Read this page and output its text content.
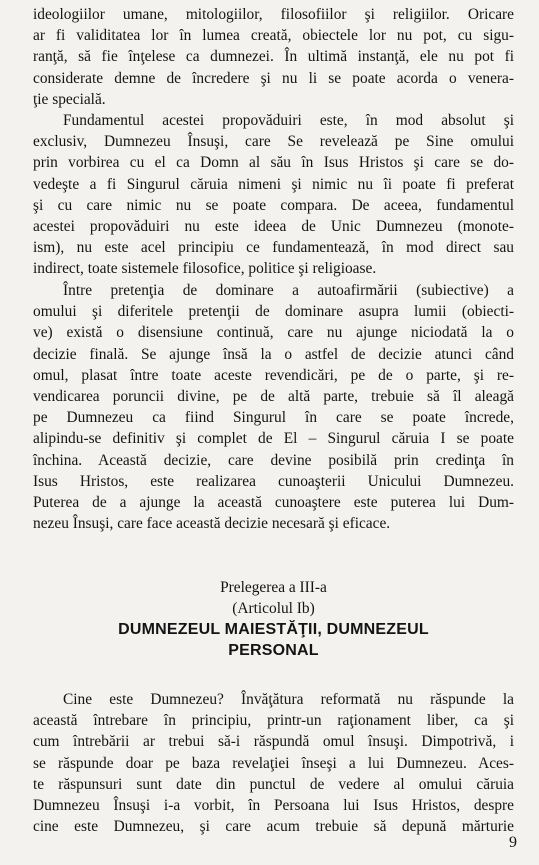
ideologiilor umane, mitologiilor, filosofiilor şi religiilor. Oricare
ar fi validitatea lor în lumea creată, obiectele lor nu pot, cu sigu-
ranţă, să fie înţelese ca dumnezei. În ultimă instanţă, ele nu pot fi
considerate demne de încredere şi nu li se poate acorda o venera-
ţie specială.
Fundamentul acestei propovăduiri este, în mod absolut şi
exclusiv, Dumnezeu Însuşi, care Se revelează pe Sine omului
prin vorbirea cu el ca Domn al său în Isus Hristos şi care se do-
vedeşte a fi Singurul căruia nimeni şi nimic nu îi poate fi preferat
şi cu care nimic nu se poate compara. De aceea, fundamentul
acestei propovăduiri nu este ideea de Unic Dumnezeu (monote-
ism), nu este acel principiu ce fundamentează, în mod direct sau
indirect, toate sistemele filosofice, politice şi religioase.
Între pretenţia de dominare a autoafirmării (subiective) a
omului şi diferitele pretenţii de dominare asupra lumii (obiecti-
ve) există o disensiune continuă, care nu ajunge niciodată la o
decizie finală. Se ajunge însă la o astfel de decizie atunci când
omul, plasat între toate aceste revendicări, pe de o parte, şi re-
vendicarea poruncii divine, pe de altă parte, trebuie să îl aleagă
pe Dumnezeu ca fiind Singurul în care se poate încrede,
alipindu-se definitiv şi complet de El – Singurul căruia I se poate
închina. Această decizie, care devine posibilă prin credinţa în
Isus Hristos, este realizarea cunoaşterii Unicului Dumnezeu.
Puterea de a ajunge la această cunoaştere este puterea lui Dum-
nezeu Însuşi, care face această decizie necesară şi eficace.
Prelegerea a III-a
(Articolul Ib)
DUMNEZEUL MAIESTĂŢII, DUMNEZEUL
PERSONAL
Cine este Dumnezeu? Învăţătura reformată nu răspunde la
această întrebare în principiu, printr-un raţionament liber, ca şi
cum întrebării ar trebui să-i răspundă omul însuşi. Dimpotrivă, i
se răspunde doar pe baza revelaţiei înseşi a lui Dumnezeu. Aces-
te răspunsuri sunt date din punctul de vedere al omului căruia
Dumnezeu Însuşi i-a vorbit, în Persoana lui Isus Hristos, despre
cine este Dumnezeu, şi care acum trebuie să depună mărturie
9
